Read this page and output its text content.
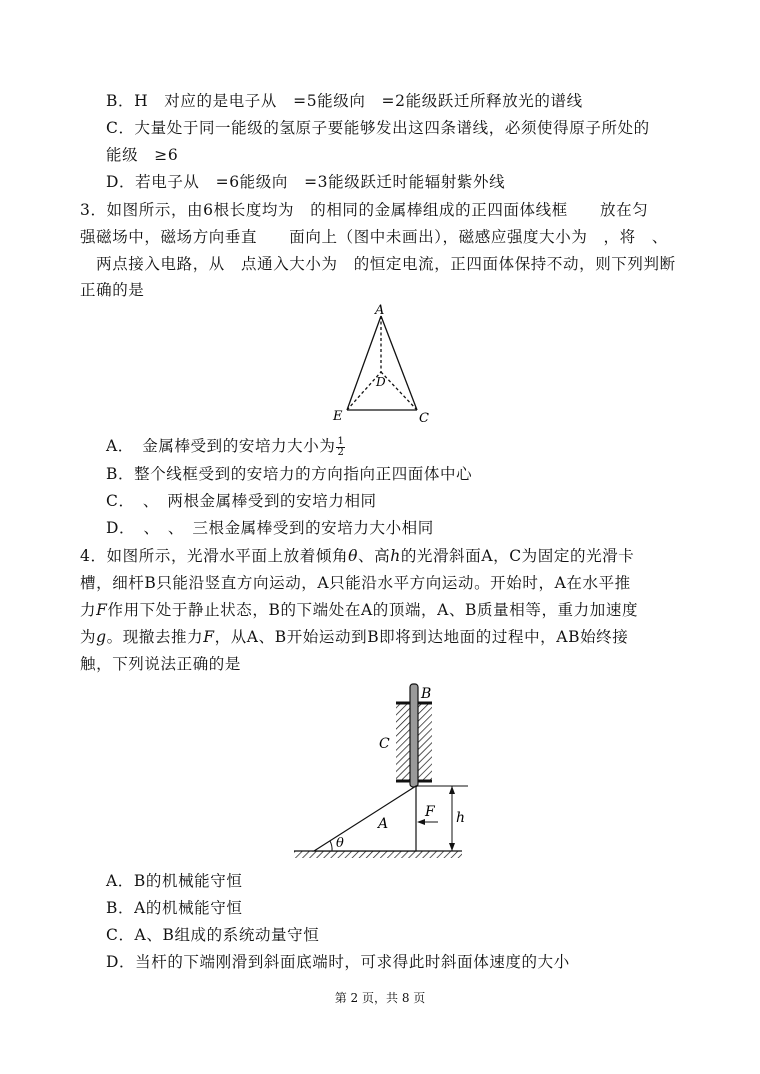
B．H　对应的是电子从　=5能级向　=2能级跃迁所释放光的谱线
C．大量处于同一能级的氢原子要能够发出这四条谱线，必须使得原子所处的
能级　≥6
D．若电子从　=6能级向　=3能级跃迁时能辐射紫外线
3．如图所示，由6根长度均为　的相同的金属棒组成的正四面体线框　　放在匀
强磁场中，磁场方向垂直　　面向上（图中未画出），磁感应强度大小为　，将　、
　两点接入电路，从　点通入大小为　的恒定电流，正四面体保持不动，则下列判断
正确的是
A
D
E	C
A．　金属棒受到的安培力大小为 $\frac{1}{2}$
B．整个线框受到的安培力的方向指向正四面体中心
C．　、　两根金属棒受到的安培力相同
D．　、　、　三根金属棒受到的安培力大小相同
4．如图所示，光滑水平面上放着倾角θ、高h的光滑斜面A，C为固定的光滑卡
槽，细杆B只能沿竖直方向运动，A只能沿水平方向运动。开始时，A在水平推
力F作用下处于静止状态，B的下端处在A的顶端，A、B质量相等，重力加速度
为g。现撤去推力F，从A、B开始运动到B即将到达地面的过程中，AB始终接
触，下列说法正确的是
B
C
A
F h
θ
A．B的机械能守恒
B．A的机械能守恒
C．A、B组成的系统动量守恒
D．当杆的下端刚滑到斜面底端时，可求得此时斜面体速度的大小
第 2 页，共 8 页
